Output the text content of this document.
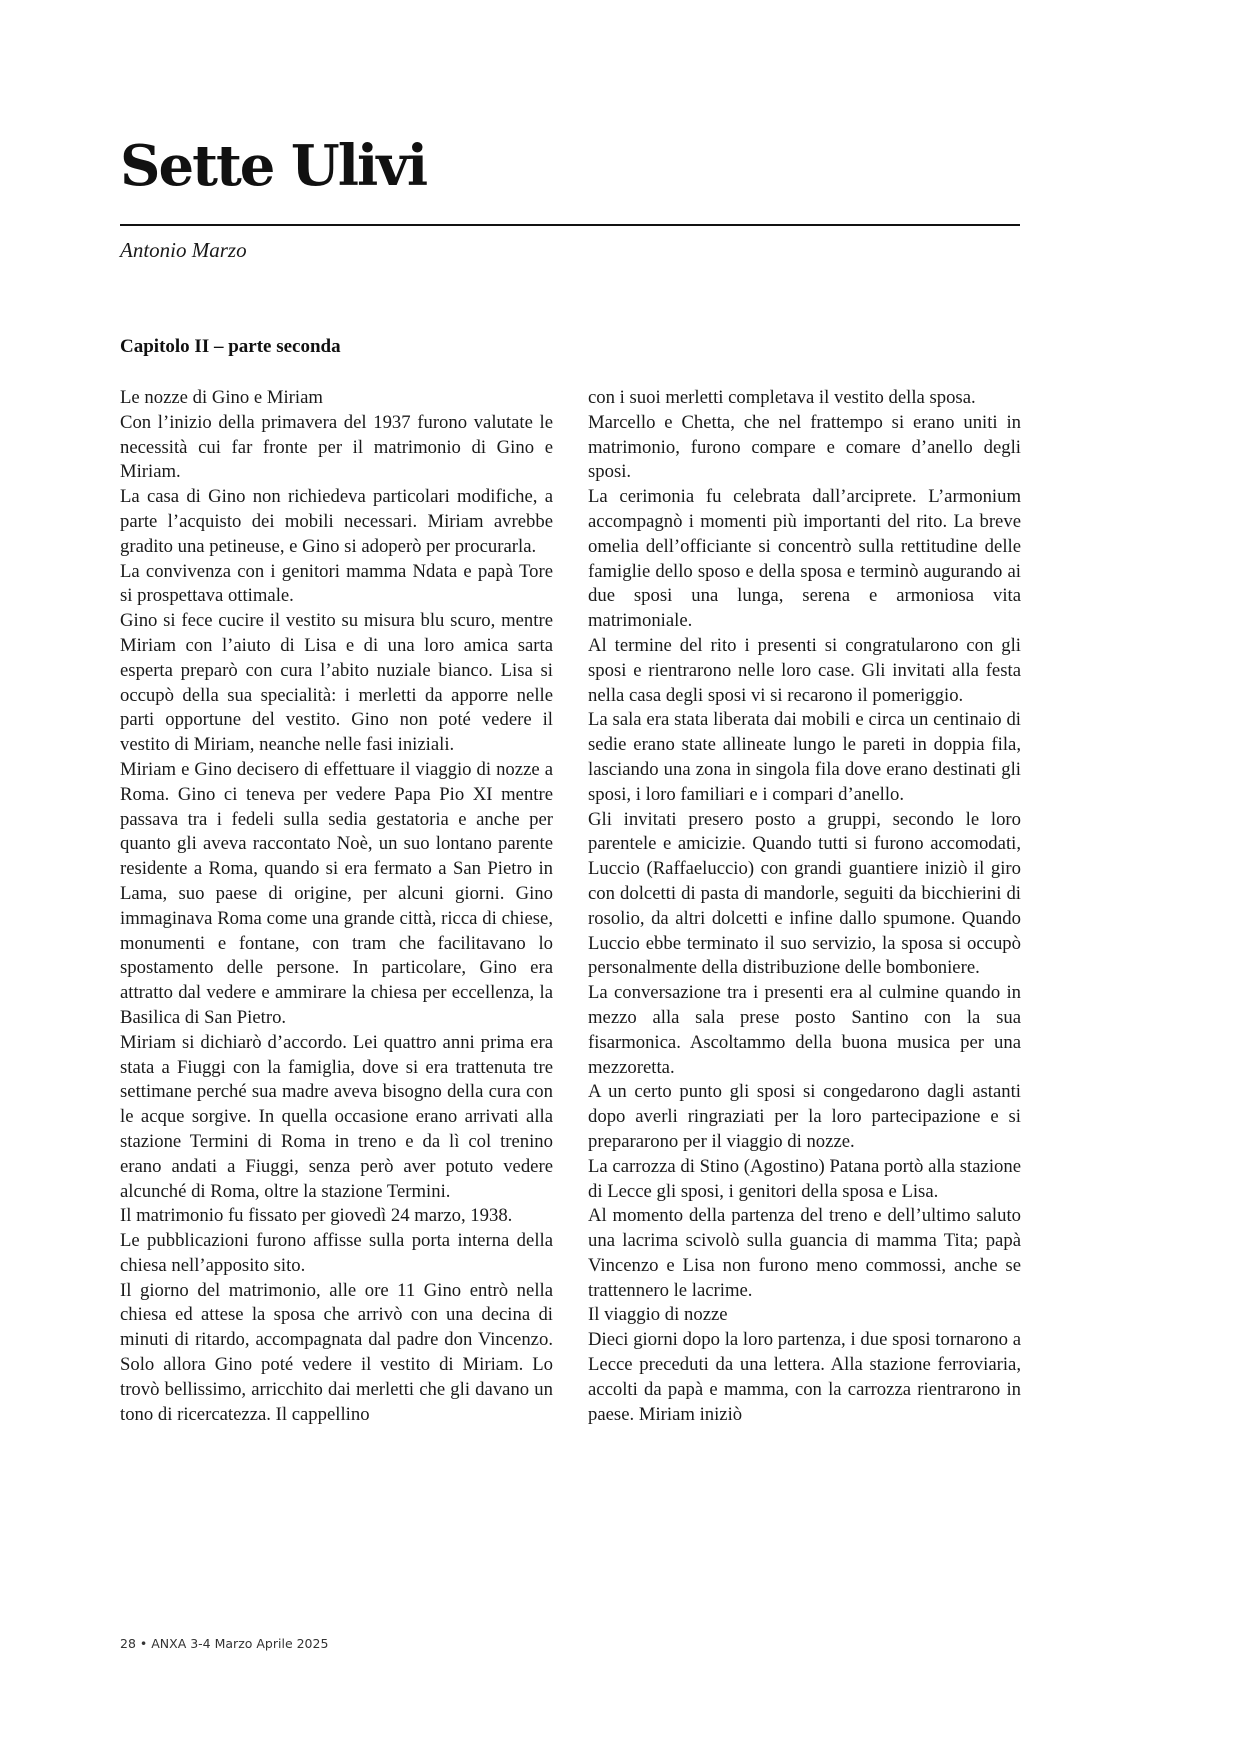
Sette Ulivi

Antonio Marzo

Capitolo II – parte seconda

Le nozze di Gino e Miriam

Con l’inizio della primavera del 1937 furono valutate le necessità cui far fronte per il matrimonio di Gino e Miriam.

La casa di Gino non richiedeva particolari modifiche, a parte l’acquisto dei mobili necessari. Miriam avrebbe gradito una petineuse, e Gino si adoperò per procurarla.

La convivenza con i genitori mamma Ndata e papà Tore si prospettava ottimale.

Gino si fece cucire il vestito su misura blu scuro, mentre Miriam con l’aiuto di Lisa e di una loro amica sarta esperta preparò con cura l’abito nuziale bianco. Lisa si occupò della sua specialità: i merletti da apporre nelle parti opportune del vestito. Gino non poté vedere il vestito di Miriam, neanche nelle fasi iniziali.

Miriam e Gino decisero di effettuare il viaggio di nozze a Roma. Gino ci teneva per vedere Papa Pio XI mentre passava tra i fedeli sulla sedia gestatoria e anche per quanto gli aveva raccontato Noè, un suo lontano parente residente a Roma, quando si era fermato a San Pietro in Lama, suo paese di origine, per alcuni giorni. Gino immaginava Roma come una grande città, ricca di chiese, monumenti e fontane, con tram che facilitavano lo spostamento delle persone. In particolare, Gino era attratto dal vedere e ammirare la chiesa per eccellenza, la Basilica di San Pietro.

Miriam si dichiarò d’accordo. Lei quattro anni prima era stata a Fiuggi con la famiglia, dove si era trattenuta tre settimane perché sua madre aveva bisogno della cura con le acque sorgive. In quella occasione erano arrivati alla stazione Termini di Roma in treno e da lì col trenino erano andati a Fiuggi, senza però aver potuto vedere alcunché di Roma, oltre la stazione Termini.

Il matrimonio fu fissato per giovedì 24 marzo, 1938.

Le pubblicazioni furono affisse sulla porta interna della chiesa nell’apposito sito.

Il giorno del matrimonio, alle ore 11 Gino entrò nella chiesa ed attese la sposa che arrivò con una decina di minuti di ritardo, accompagnata dal padre don Vincenzo. Solo allora Gino poté vedere il vestito di Miriam. Lo trovò bellissimo, arricchito dai merletti che gli davano un tono di ricercatezza. Il cappellino

con i suoi merletti completava il vestito della sposa.

Marcello e Chetta, che nel frattempo si erano uniti in matrimonio, furono compare e comare d’anello degli sposi.

La cerimonia fu celebrata dall’arciprete. L’armonium accompagnò i momenti più importanti del rito. La breve omelia dell’officiante si concentrò sulla rettitudine delle famiglie dello sposo e della sposa e terminò augurando ai due sposi una lunga, serena e armoniosa vita matrimoniale.

Al termine del rito i presenti si congratularono con gli sposi e rientrarono nelle loro case. Gli invitati alla festa nella casa degli sposi vi si recarono il pomeriggio.

La sala era stata liberata dai mobili e circa un centinaio di sedie erano state allineate lungo le pareti in doppia fila, lasciando una zona in singola fila dove erano destinati gli sposi, i loro familiari e i compari d’anello.

Gli invitati presero posto a gruppi, secondo le loro parentele e amicizie. Quando tutti si furono accomodati, Luccio (Raffaeluccio) con grandi guantiere iniziò il giro con dolcetti di pasta di mandorle, seguiti da bicchierini di rosolio, da altri dolcetti e infine dallo spumone. Quando Luccio ebbe terminato il suo servizio, la sposa si occupò personalmente della distribuzione delle bomboniere.

La conversazione tra i presenti era al culmine quando in mezzo alla sala prese posto Santino con la sua fisarmonica. Ascoltammo della buona musica per una mezzoretta.

A un certo punto gli sposi si congedarono dagli astanti dopo averli ringraziati per la loro partecipazione e si prepararono per il viaggio di nozze.

La carrozza di Stino (Agostino) Patana portò alla stazione di Lecce gli sposi, i genitori della sposa e Lisa.

Al momento della partenza del treno e dell’ultimo saluto una lacrima scivolò sulla guancia di mamma Tita; papà Vincenzo e Lisa non furono meno commossi, anche se trattennero le lacrime.

Il viaggio di nozze

Dieci giorni dopo la loro partenza, i due sposi tornarono a Lecce preceduti da una lettera. Alla stazione ferroviaria, accolti da papà e mamma, con la carrozza rientrarono in paese. Miriam iniziò

28 • ANXA 3-4 Marzo Aprile 2025
